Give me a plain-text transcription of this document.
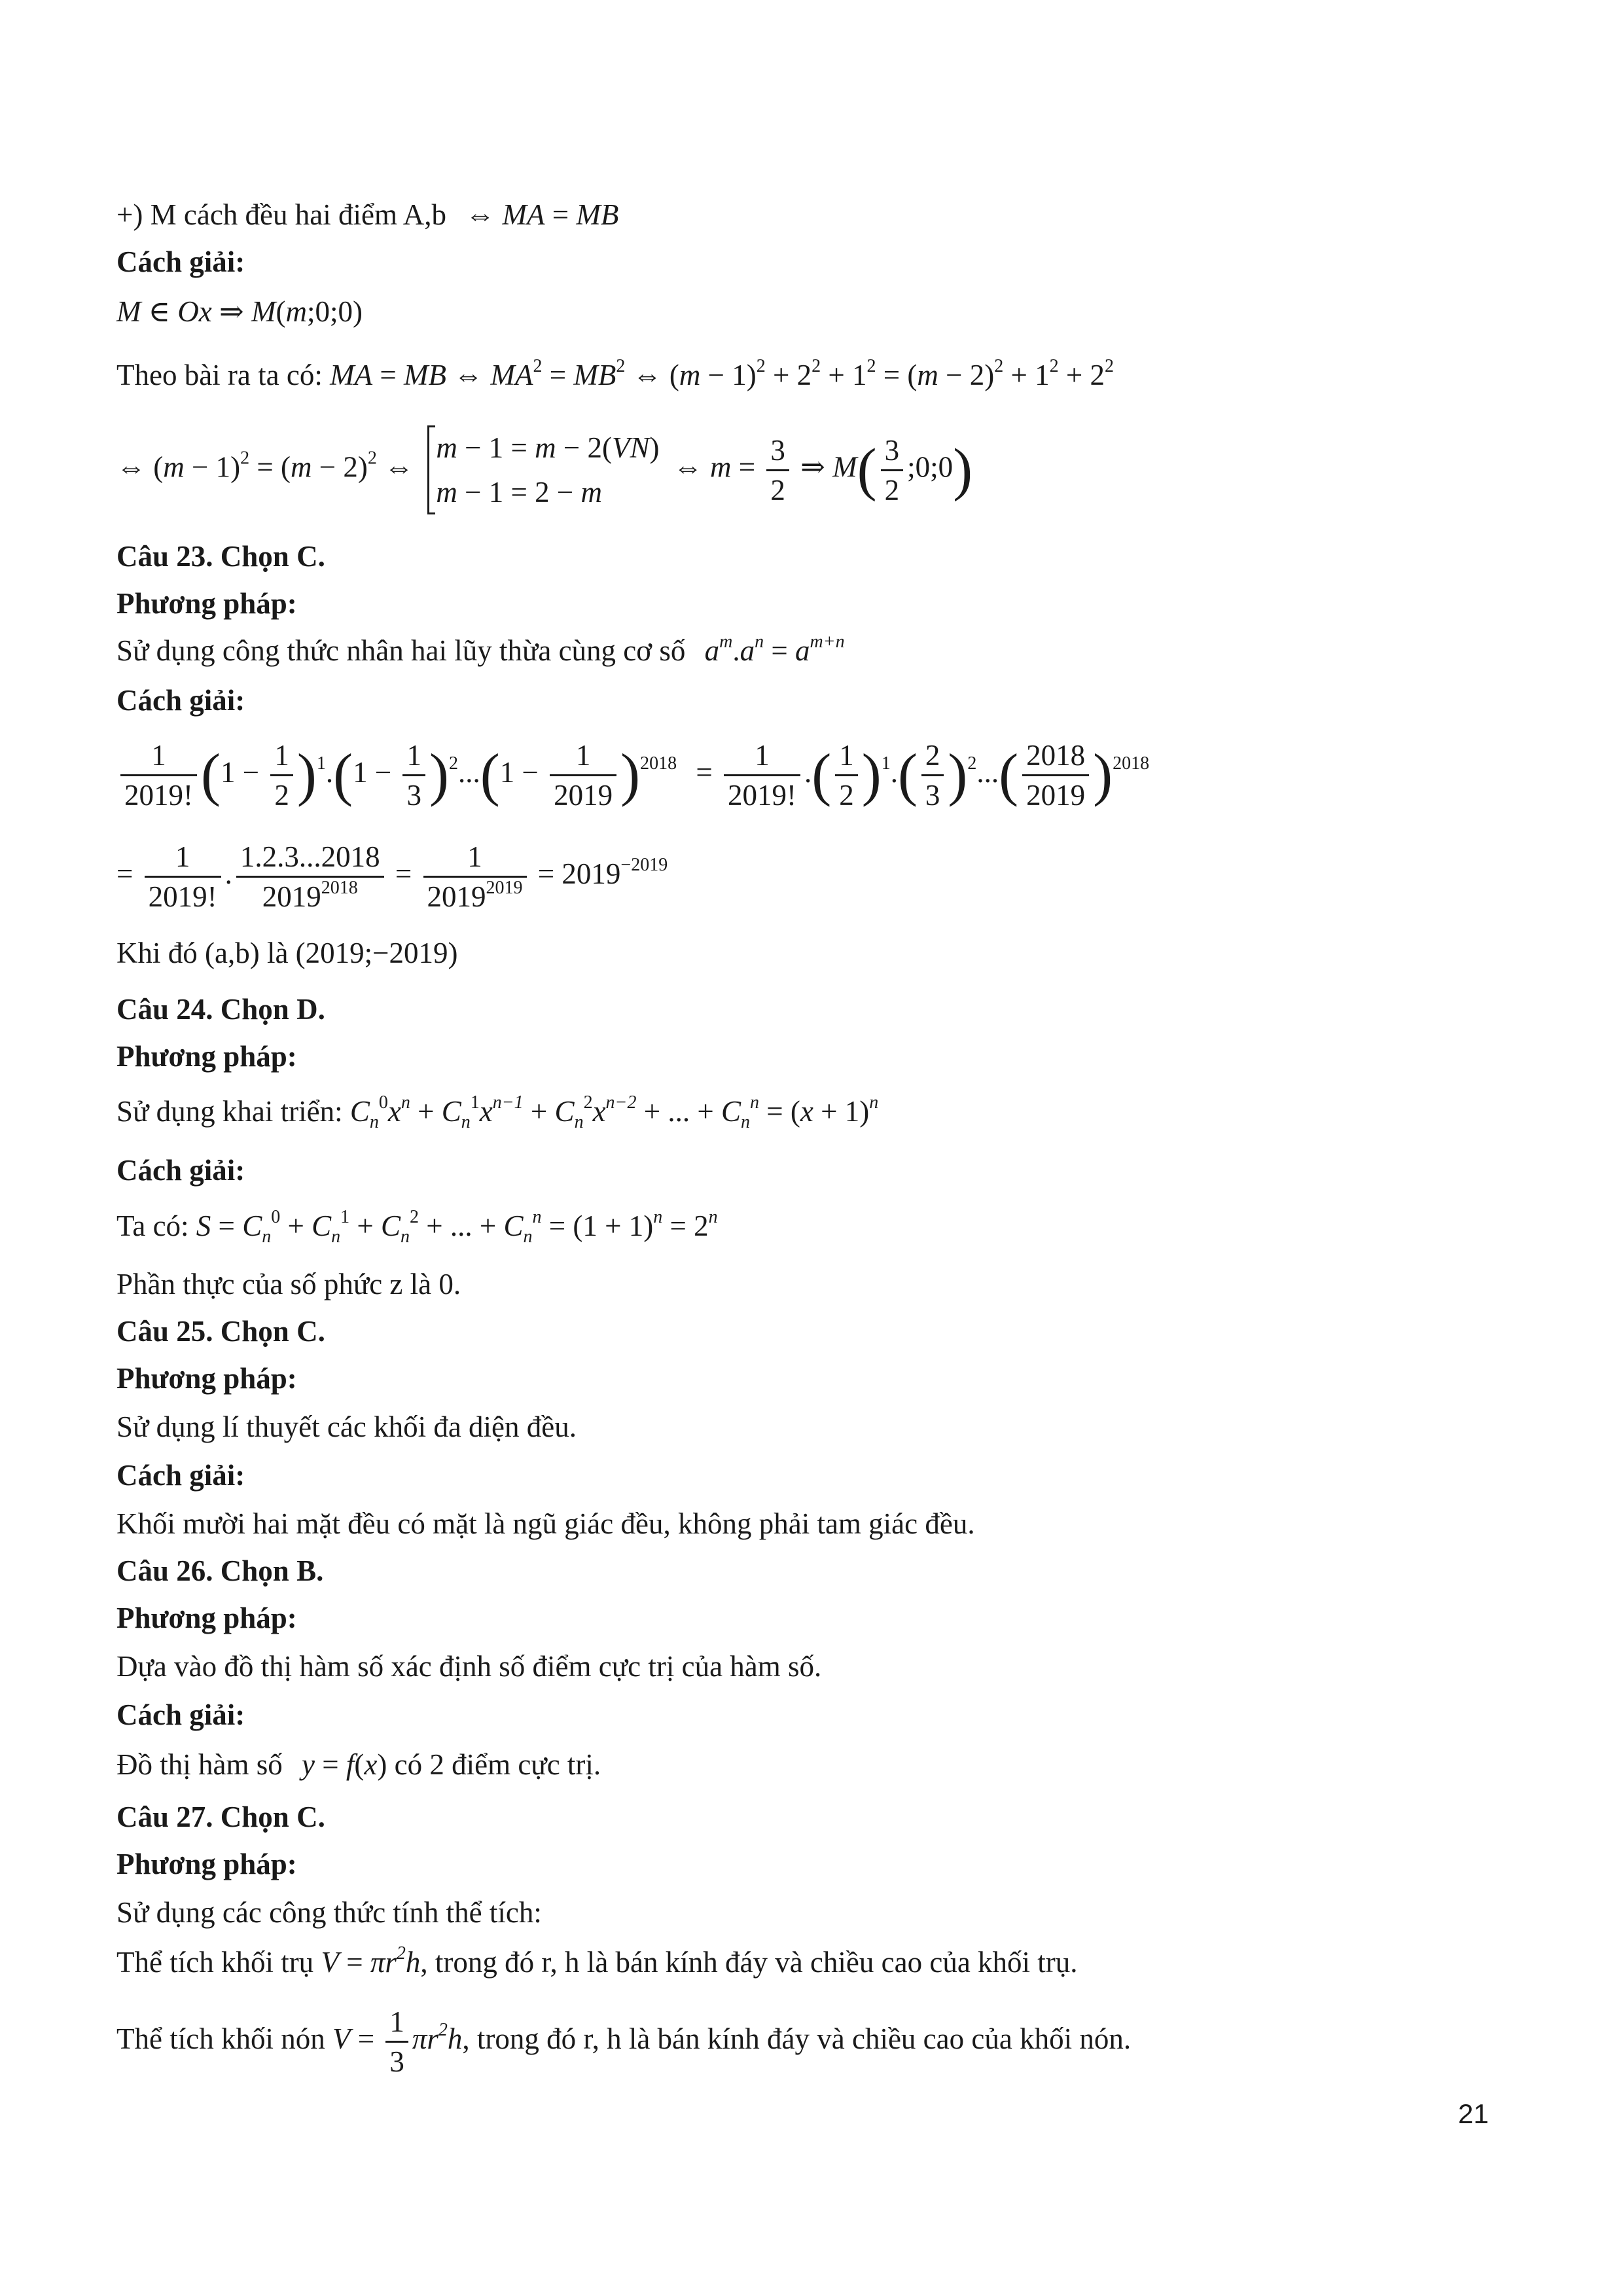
+) M cách đều hai điểm A,b ⇔ MA = MB
Cách giải:
M ∈ Ox ⇒ M(m;0;0)
Theo bài ra ta có: MA = MB ⇔ $MA^2 = MB^2$ ⇔ $(m - 1)^2 + 2^2 + 1^2 = (m - 2)^2 + 1^2 + 2^2$
⇔ $(m - 1)^2 = (m - 2)^2$ ⇔
m − 1 = m − 2(VN)
m − 1 = 2 − m
⇔ $m = \frac{3}{2}$ ⇒ $M( \frac{3}{2}$ ;0;0)
Câu 23. Chọn C.
Phương pháp:
Sử dụng công thức nhân hai lũy thừa cùng cơ số $a^m.a^n = a^{m+n}$
Cách giải:
$\frac{1}{2019!} (1 - \frac{1}{2} )^1.(1 - \frac{1}{3} )^2...(1 - \frac{1}{2019} )^{2018} = \frac{1}{2019!}$ .( $\frac{1}{2} )^1.( \frac{2}{3} )^2...( \frac{2018}{2019} )^{2018}$
= $\frac{1}{2019!}$ . $\frac{1.2.3...2018}{2019^{2018}} = \frac{1}{2019^{2019}} = 2019^{-2019}$
Khi đó (a,b) là (2019;−2019)
Câu 24. Chọn D.
Phương pháp:
Sử dụng khai triển: $C_n^0x^n + C_n^1x^{n-1} + C_n^2x^{n-2}$ + ... + $C_n^n = (x + 1)^n$
Cách giải:
Ta có: $S = C_n^0 + C_n^1 + C_n^2$ + ... + $C_n^n = (1 + 1)^n = 2^n$
Phần thực của số phức z là 0.
Câu 25. Chọn C.
Phương pháp:
Sử dụng lí thuyết các khối đa diện đều.
Cách giải:
Khối mười hai mặt đều có mặt là ngũ giác đều, không phải tam giác đều.
Câu 26. Chọn B.
Phương pháp:
Dựa vào đồ thị hàm số xác định số điểm cực trị của hàm số.
Cách giải:
Đồ thị hàm số y = f(x) có 2 điểm cực trị.
Câu 27. Chọn C.
Phương pháp:
Sử dụng các công thức tính thể tích:
Thể tích khối trụ $V = \pi r^2h$, trong đó r, h là bán kính đáy và chiều cao của khối trụ.
Thể tích khối nón $V = \frac{1}{3} \pi r^2h$, trong đó r, h là bán kính đáy và chiều cao của khối nón.
21
